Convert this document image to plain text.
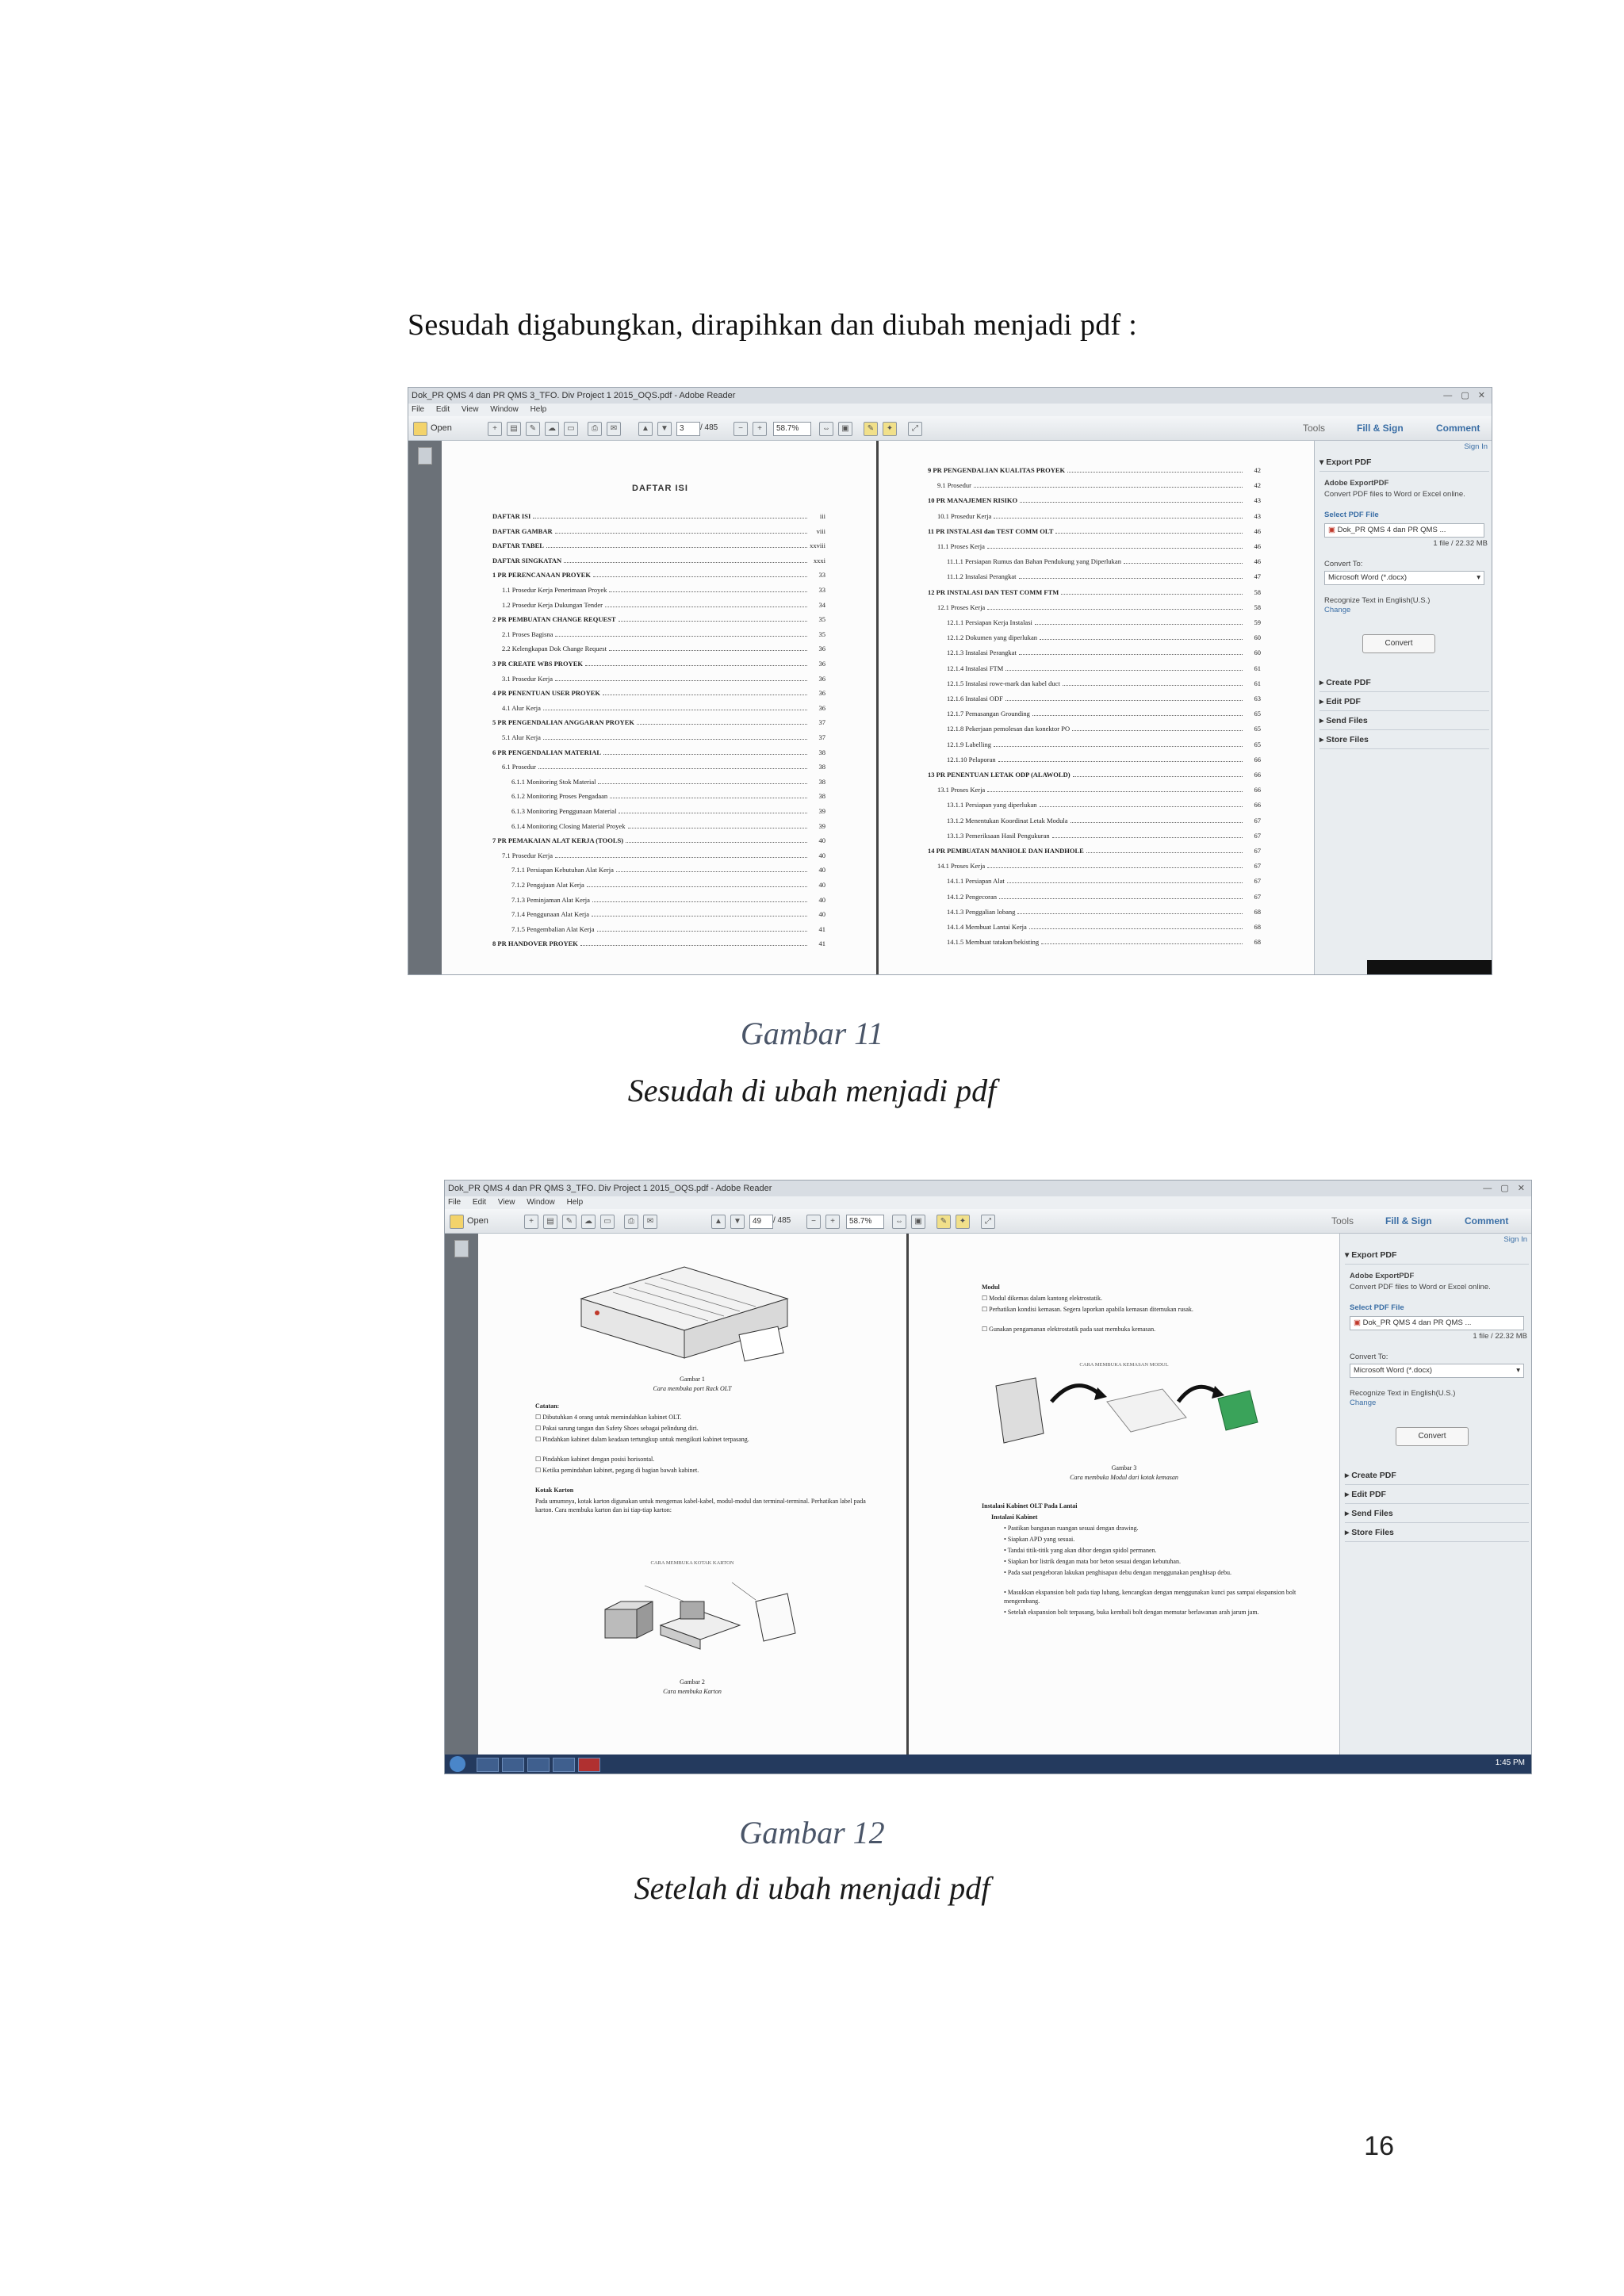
Sesudah digabungkan, dirapihkan dan diubah menjadi pdf :
Dok_PR QMS 4 dan PR QMS 3_TFO. Div Project 1 2015_OQS.pdf - Adobe Reader	— ▢ ✕
File Edit View Window Help
Open	+	▤	✎	☁	▭	⎙	✉	▲	▼	3	/ 485	−	+	58.7%	⇔	▣	✎	✦	⤢	Tools	Fill & Sign	Comment
DAFTAR ISI
DAFTAR ISI	iii
DAFTAR GAMBAR	viii
DAFTAR TABEL	xxviii
DAFTAR SINGKATAN	xxxi
1 PR PERENCANAAN PROYEK	33
1.1 Prosedur Kerja Penerimaan Proyek	33
1.2 Prosedur Kerja Dukungan Tender	34
2 PR PEMBUATAN CHANGE REQUEST	35
2.1 Proses Bagisna	35
2.2 Kelengkapan Dok Change Request	36
3 PR CREATE WBS PROYEK	36
3.1 Prosedur Kerja	36
4 PR PENENTUAN USER PROYEK	36
4.1 Alur Kerja	36
5 PR PENGENDALIAN ANGGARAN PROYEK	37
5.1 Alur Kerja	37
6 PR PENGENDALIAN MATERIAL	38
6.1 Prosedur	38
6.1.1 Monitoring Stok Material	38
6.1.2 Monitoring Proses Pengadaan	38
6.1.3 Monitoring Penggunaan Material	39
6.1.4 Monitoring Closing Material Proyek	39
7 PR PEMAKAIAN ALAT KERJA (TOOLS)	40
7.1 Prosedur Kerja	40
7.1.1 Persiapan Kebutuhan Alat Kerja	40
7.1.2 Pengajuan Alat Kerja	40
7.1.3 Peminjaman Alat Kerja	40
7.1.4 Penggunaan Alat Kerja	40
7.1.5 Pengembalian Alat Kerja	41
8 PR HANDOVER PROYEK	41
9 PR PENGENDALIAN KUALITAS PROYEK	42
9.1 Prosedur	42
10 PR MANAJEMEN RISIKO	43
10.1 Prosedur Kerja	43
11 PR INSTALASI dan TEST COMM OLT	46
11.1 Proses Kerja	46
11.1.1 Persiapan Rumus dan Bahan Pendukung yang Diperlukan	46
11.1.2 Instalasi Perangkat	47
12 PR INSTALASI DAN TEST COMM FTM	58
12.1 Proses Kerja	58
12.1.1 Persiapan Kerja Instalasi	59
12.1.2 Dokumen yang diperlukan	60
12.1.3 Instalasi Perangkat	60
12.1.4 Instalasi FTM	61
12.1.5 Instalasi rowe-mark dan kabel duct	61
12.1.6 Instalasi ODF	63
12.1.7 Pemasangan Grounding	65
12.1.8 Pekerjaan pemolesan dan konektor PO	65
12.1.9 Labelling	65
12.1.10 Pelaporan	66
13 PR PENENTUAN LETAK ODP (ALAWOLD)	66
13.1 Proses Kerja	66
13.1.1 Persiapan yang diperlukan	66
13.1.2 Menentukan Koordinat Letak Modula	67
13.1.3 Pemeriksaan Hasil Pengukuran	67
14 PR PEMBUATAN MANHOLE DAN HANDHOLE	67
14.1 Proses Kerja	67
14.1.1 Persiapan Alat	67
14.1.2 Pengecoran	67
14.1.3 Penggalian lobang	68
14.1.4 Membuat Lantai Kerja	68
14.1.5 Membuat tatakan/bekisting	68
Sign In
▾ Export PDF
Adobe ExportPDF
Convert PDF files to Word or Excel online.
Select PDF File
▣ Dok_PR QMS 4 dan PR QMS ...
1 file / 22.32 MB
Convert To:
Microsoft Word (*.docx)	▾
Recognize Text in English(U.S.)
Change
Convert
▸ Create PDF
▸ Edit PDF
▸ Send Files
▸ Store Files
Gambar 11
Sesudah di ubah menjadi pdf
Dok_PR QMS 4 dan PR QMS 3_TFO. Div Project 1 2015_OQS.pdf - Adobe Reader	— ▢ ✕
File Edit View Window Help
Open	+	▤	✎	☁	▭	⎙	✉	▲	▼	49	/ 485	−	+	58.7%	⇔	▣	✎	✦	⤢	Tools	Fill & Sign	Comment
Gambar 1
Cara membuka port Rack OLT
Catatan:
☐ Dibutuhkan 4 orang untuk memindahkan kabinet OLT.
☐ Pakai sarung tangan dan Safety Shoes sebagai pelindung diri.
☐ Pindahkan kabinet dalam keadaan tertungkup untuk mengikuti kabinet terpasang.
☐ Pindahkan kabinet dengan posisi horisontal.
☐ Ketika pemindahan kabinet, pegang di bagian bawah kabinet.
Kotak Karton
Pada umumnya, kotak karton digunakan untuk mengemas kabel-kabel, modul-modul dan terminal-terminal. Perhatikan label pada karton. Cara membuka karton dan isi tiap-tiap karton:
CARA MEMBUKA KOTAK KARTON
Gambar 2
Cara membuka Karton
Modul
☐ Modul dikemas dalam kantong elektrostatik.
☐ Perhatikan kondisi kemasan. Segera laporkan apabila kemasan ditemukan rusak.
☐ Gunakan pengamanan elektrostatik pada saat membuka kemasan.
CARA MEMBUKA KEMASAN MODUL
Gambar 3
Cara membuka Modul dari kotak kemasan
Instalasi Kabinet OLT Pada Lantai
Instalasi Kabinet
• Pastikan bangunan ruangan sesuai dengan drawing.
• Siapkan APD yang sesuai.
• Tandai titik-titik yang akan dibor dengan spidol permanen.
• Siapkan bor listrik dengan mata bor beton sesuai dengan kebutuhan.
• Pada saat pengeboran lakukan penghisapan debu dengan menggunakan penghisap debu.
• Masukkan ekspansion bolt pada tiap lubang, kencangkan dengan menggunakan kunci pas sampai ekspansion bolt mengembang.
• Setelah ekspansion bolt terpasang, buka kembali bolt dengan memutar berlawanan arah jarum jam.
Sign In
▾ Export PDF
Adobe ExportPDF
Convert PDF files to Word or Excel online.
Select PDF File
▣ Dok_PR QMS 4 dan PR QMS ...
1 file / 22.32 MB
Convert To:
Microsoft Word (*.docx)	▾
Recognize Text in English(U.S.)
Change
Convert
▸ Create PDF
▸ Edit PDF
▸ Send Files
▸ Store Files
1:45 PM
Gambar 12
Setelah di ubah menjadi pdf
16
